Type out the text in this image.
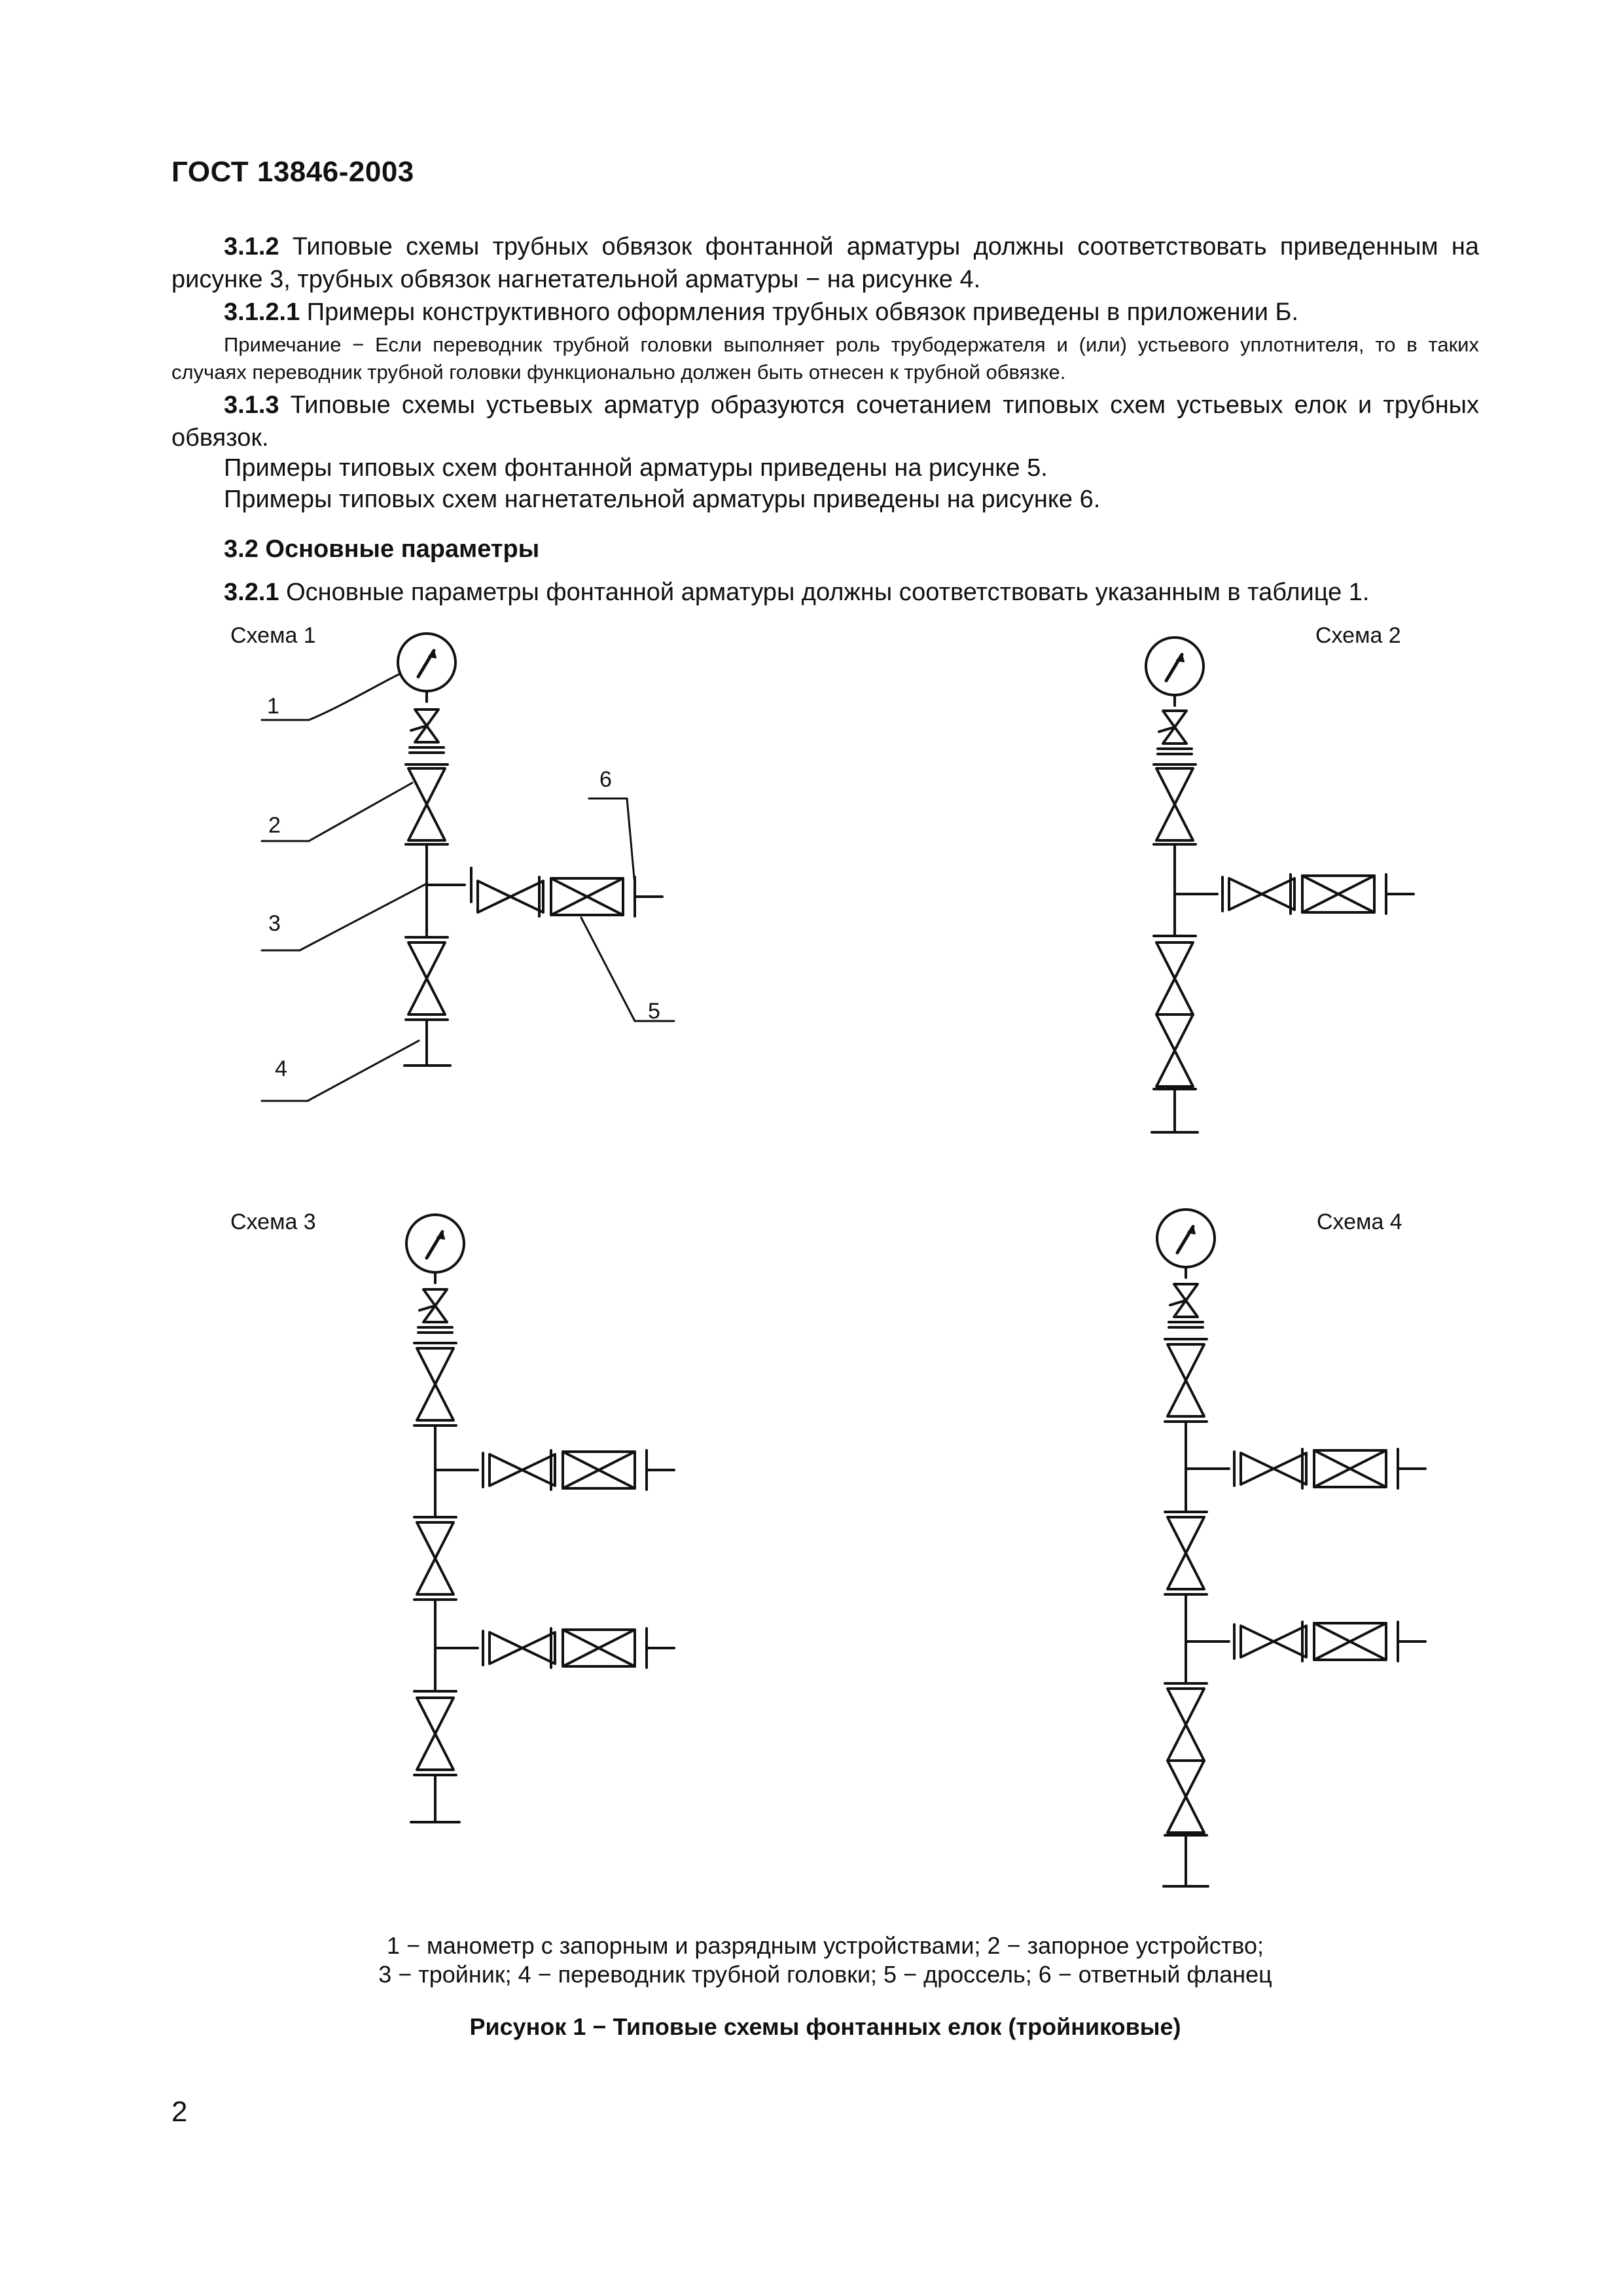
ГОСТ 13846-2003
3.1.2 Типовые схемы трубных обвязок фонтанной арматуры должны соответствовать приведенным на рисунке 3, трубных обвязок нагнетательной арматуры − на рисунке 4.
3.1.2.1 Примеры конструктивного оформления трубных обвязок приведены в приложении Б.
Примечание − Если переводник трубной головки выполняет роль трубодержателя и (или) устьевого уплотнителя, то в таких случаях переводник трубной головки функционально должен быть отнесен к трубной обвязке.
3.1.3 Типовые схемы устьевых арматур образуются сочетанием типовых схем устьевых елок и трубных обвязок.
Примеры типовых схем фонтанной арматуры приведены на рисунке 5.
Примеры типовых схем нагнетательной арматуры приведены на рисунке 6.
3.2 Основные параметры
3.2.1 Основные параметры фонтанной арматуры должны соответствовать указанным в таблице 1.
Схема 1	Схема 2
Схема 3	Схема 4
1
2
3
4
5
6
1 − манометр с запорным и разрядным устройствами; 2 − запорное устройство;
3 − тройник; 4 − переводник трубной головки; 5 − дроссель; 6 − ответный фланец
Рисунок 1 − Типовые схемы фонтанных елок (тройниковые)
2
